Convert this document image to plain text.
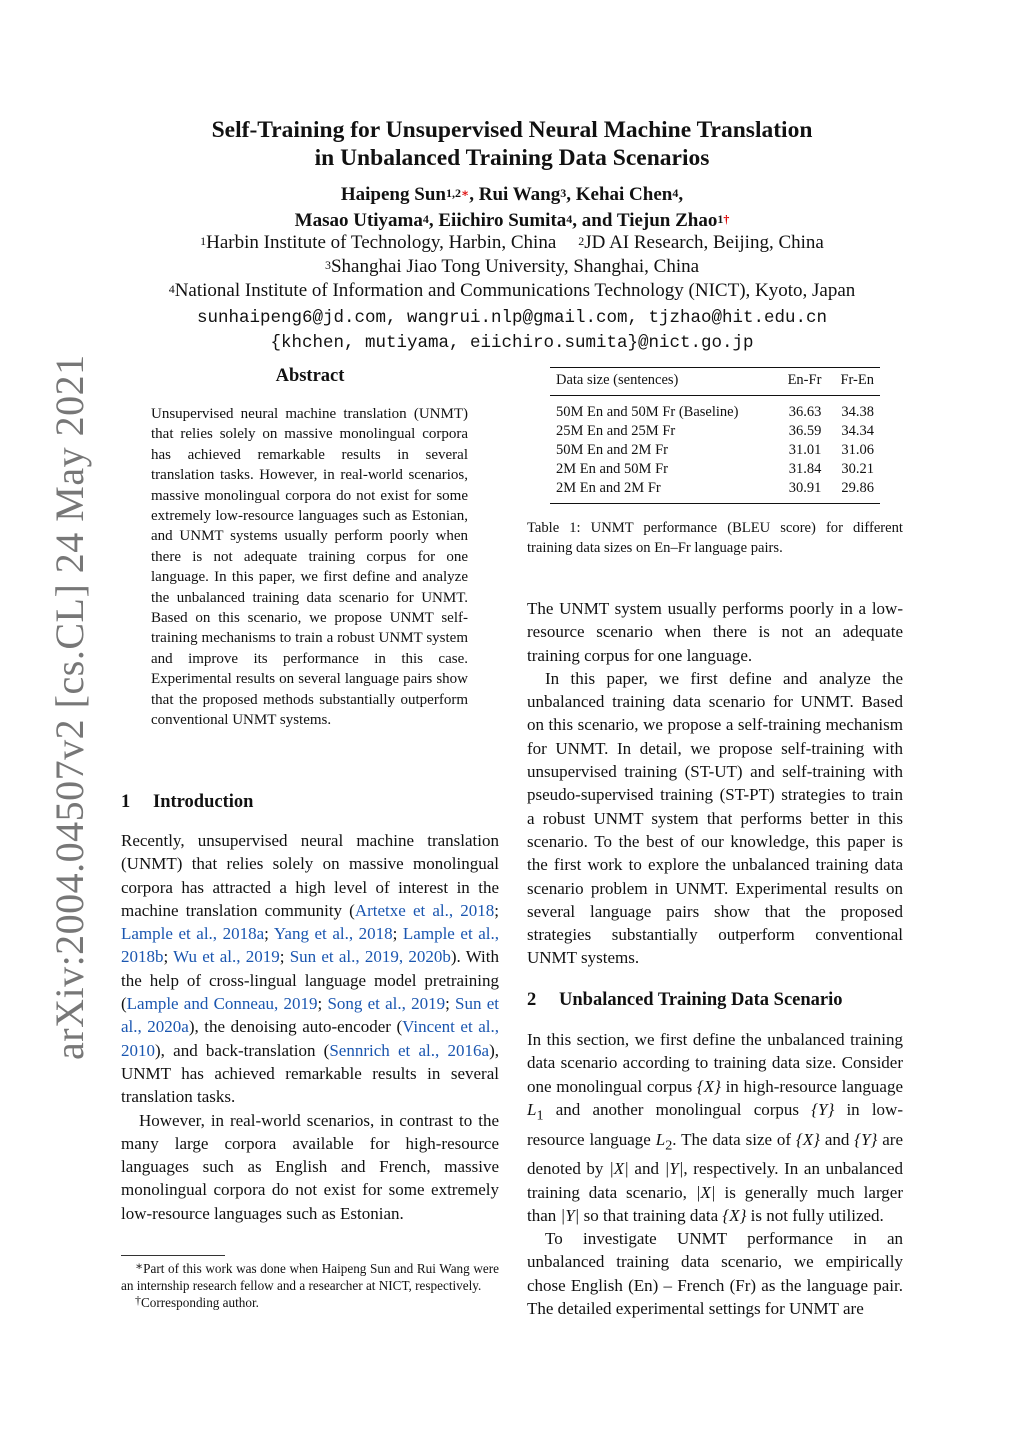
arXiv:2004.04507v2 [cs.CL] 24 May 2021
Self-Training for Unsupervised Neural Machine Translation
in Unbalanced Training Data Scenarios
Haipeng Sun$^{1,2∗}$, Rui Wang$^3$, Kehai Chen$^4$,
Masao Utiyama$^4$, Eiichiro Sumita$^4$, and Tiejun Zhao$^{1\dagger}$
$^1$Harbin Institute of Technology, Harbin, China $^2$JD AI Research, Beijing, China
$^3$Shanghai Jiao Tong University, Shanghai, China
$^4$National Institute of Information and Communications Technology (NICT), Kyoto, Japan
sunhaipeng6@jd.com, wangrui.nlp@gmail.com, tjzhao@hit.edu.cn
{khchen, mutiyama, eiichiro.sumita}@nict.go.jp
Abstract
Unsupervised neural machine translation (UNMT) that relies solely on massive monolingual corpora has achieved remarkable results in several translation tasks. However, in real-world scenarios, massive monolingual corpora do not exist for some extremely low-resource languages such as Estonian, and UNMT systems usually perform poorly when there is not adequate training corpus for one language. In this paper, we first define and analyze the unbalanced training data scenario for UNMT. Based on this scenario, we propose UNMT self-training mechanisms to train a robust UNMT system and improve its performance in this case. Experimental results on several language pairs show that the proposed methods substantially outperform conventional UNMT systems.
1 Introduction

Recently, unsupervised neural machine translation (UNMT) that relies solely on massive monolingual corpora has attracted a high level of interest in the machine translation community (Artetxe et al., 2018; Lample et al., 2018a; Yang et al., 2018; Lample et al., 2018b; Wu et al., 2019; Sun et al., 2019, 2020b). With the help of cross-lingual language model pretraining (Lample and Conneau, 2019; Song et al., 2019; Sun et al., 2020a), the denoising auto-encoder (Vincent et al., 2010), and back-translation (Sennrich et al., 2016a), UNMT has achieved remarkable results in several translation tasks.

However, in real-world scenarios, in contrast to the many large corpora available for high-resource languages such as English and French, massive monolingual corpora do not exist for some extremely low-resource languages such as Estonian.

∗Part of this work was done when Haipeng Sun and Rui Wang were an internship research fellow and a researcher at NICT, respectively.

†Corresponding author.

Data size (sentences)	En-Fr	Fr-En
50M En and 50M Fr (Baseline)	36.63	34.38
25M En and 25M Fr	36.59	34.34
50M En and 2M Fr	31.01	31.06
2M En and 50M Fr	31.84	30.21
2M En and 2M Fr	30.91	29.86
Table 1: UNMT performance (BLEU score) for different training data sizes on En–Fr language pairs.

The UNMT system usually performs poorly in a low-resource scenario when there is not an adequate training corpus for one language.

In this paper, we first define and analyze the unbalanced training data scenario for UNMT. Based on this scenario, we propose a self-training mechanism for UNMT. In detail, we propose self-training with unsupervised training (ST-UT) and self-training with pseudo-supervised training (ST-PT) strategies to train a robust UNMT system that performs better in this scenario. To the best of our knowledge, this paper is the first work to explore the unbalanced training data scenario problem in UNMT. Experimental results on several language pairs show that the proposed strategies substantially outperform conventional UNMT systems.

2 Unbalanced Training Data Scenario

In this section, we first define the unbalanced training data scenario according to training data size. Consider one monolingual corpus {X} in high-resource language $L_1$ and another monolingual corpus {Y} in low-resource language $L_2$. The data size of {X} and {Y} are denoted by |X| and |Y|, respectively. In an unbalanced training data scenario, |X| is generally much larger than |Y| so that training data {X} is not fully utilized.

To investigate UNMT performance in an unbalanced training data scenario, we empirically chose English (En) – French (Fr) as the language pair. The detailed experimental settings for UNMT are
